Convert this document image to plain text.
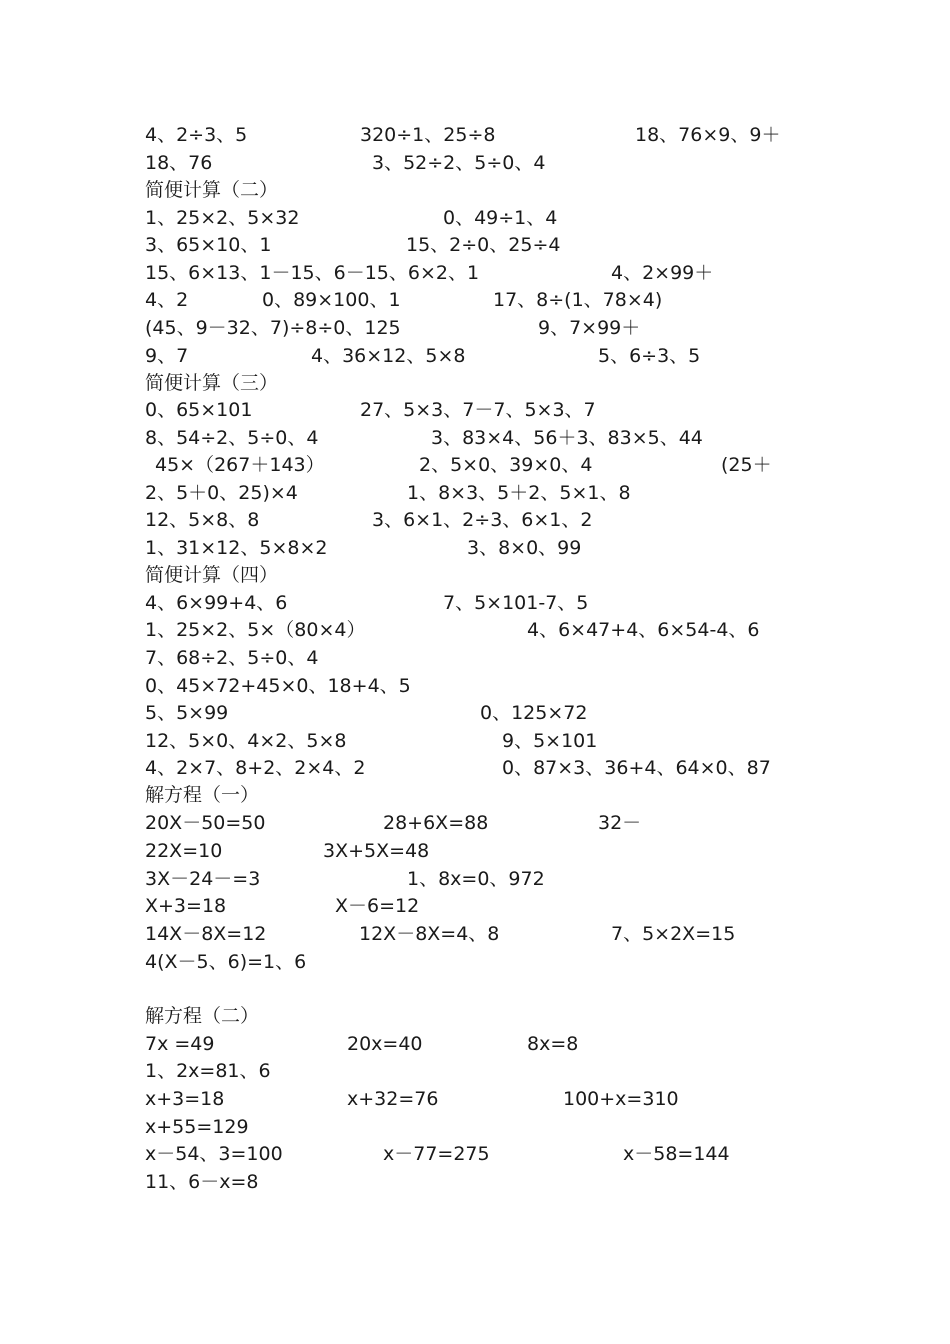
4、2÷3、5	320÷1、25÷8	18、76×9、9＋
18、76	3、52÷2、5÷0、4
简便计算（二）
1、25×2、5×32	0、49÷1、4
3、65×10、1	15、2÷0、25÷4
15、6×13、1－15、6－15、6×2、1	4、2×99＋
4、2	0、89×100、1	17、8÷(1、78×4)
(45、9－32、7)÷8÷0、125	9、7×99＋
9、7	4、36×12、5×8	5、6÷3、5
简便计算（三）
0、65×101	27、5×3、7－7、5×3、7
8、54÷2、5÷0、4	3、83×4、56＋3、83×5、44
45×（267＋143）	2、5×0、39×0、4	(25＋
2、5＋0、25)×4	1、8×3、5＋2、5×1、8
12、5×8、8	3、6×1、2÷3、6×1、2
1、31×12、5×8×2	3、8×0、99
简便计算（四）
4、6×99+4、6	7、5×101-7、5
1、25×2、5×（80×4）	4、6×47+4、6×54-4、6
7、68÷2、5÷0、4
0、45×72+45×0、18+4、5
5、5×99	0、125×72
12、5×0、4×2、5×8	9、5×101
4、2×7、8+2、2×4、2	0、87×3、36+4、64×0、87
解方程（一）
20X－50=50	28+6X=88	32－
22X=10	3X+5X=48
3X－24－=3	1、8x=0、972
X+3=18	X－6=12
14X－8X=12	12X－8X=4、8	7、5×2X=15
4(X－5、6)=1、6
解方程（二）
7x =49	20x=40	8x=8
1、2x=81、6
x+3=18	x+32=76	100+x=310
x+55=129
x－54、3=100	x－77=275	x－58=144
11、6－x=8
